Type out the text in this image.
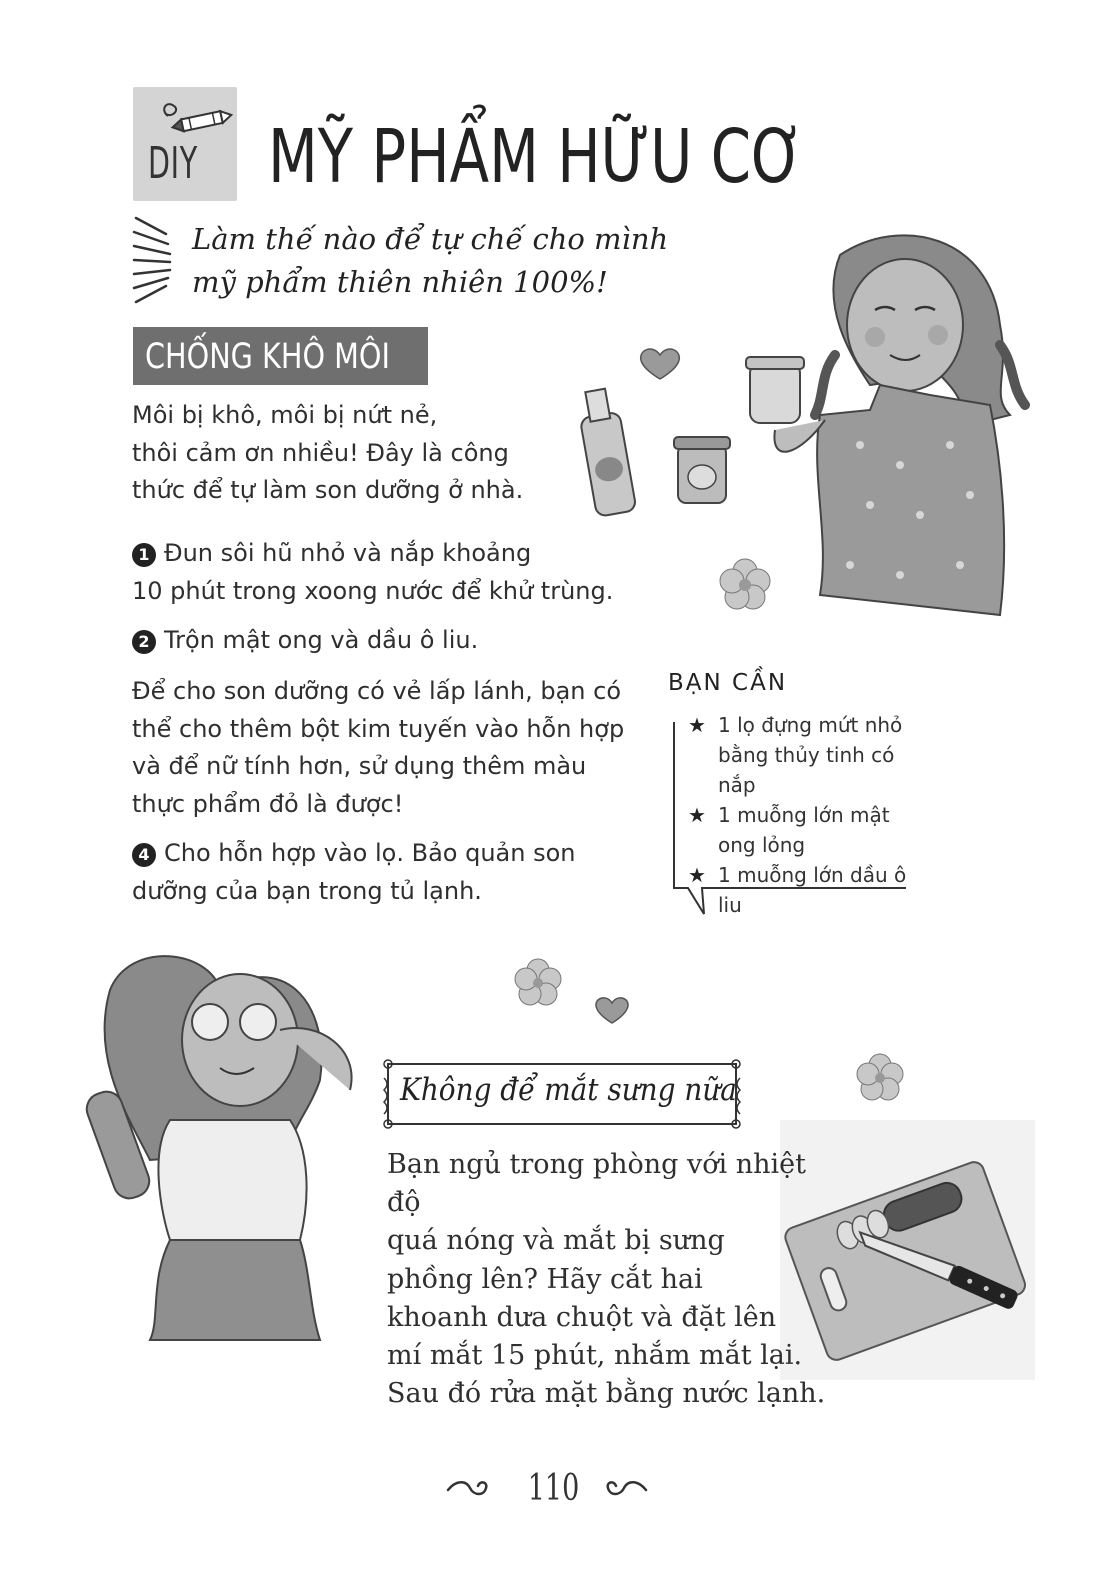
DIY MỸ PHẨM HỮU CƠ
Làm thế nào để tự chế cho mình
mỹ phẩm thiên nhiên 100%!
CHỐNG KHÔ MÔI
Môi bị khô, môi bị nứt nẻ,
thôi cảm ơn nhiều! Đây là công
thức để tự làm son dưỡng ở nhà.
1 Đun sôi hũ nhỏ và nắp khoảng
10 phút trong xoong nước để khử trùng.
2 Trộn mật ong và dầu ô liu.
Để cho son dưỡng có vẻ lấp lánh, bạn có
thể cho thêm bột kim tuyến vào hỗn hợp
và để nữ tính hơn, sử dụng thêm màu
thực phẩm đỏ là được!
4 Cho hỗn hợp vào lọ. Bảo quản son
dưỡng của bạn trong tủ lạnh.
BẠN CẦN
★ 1 lọ đựng mứt nhỏ
bằng thủy tinh có nắp
★ 1 muỗng lớn mật
ong lỏng
★ 1 muỗng lớn dầu ô liu
Không để mắt sưng nữa
Bạn ngủ trong phòng với nhiệt độ
quá nóng và mắt bị sưng
phồng lên? Hãy cắt hai
khoanh dưa chuột và đặt lên
mí mắt 15 phút, nhắm mắt lại.
Sau đó rửa mặt bằng nước lạnh.
110
